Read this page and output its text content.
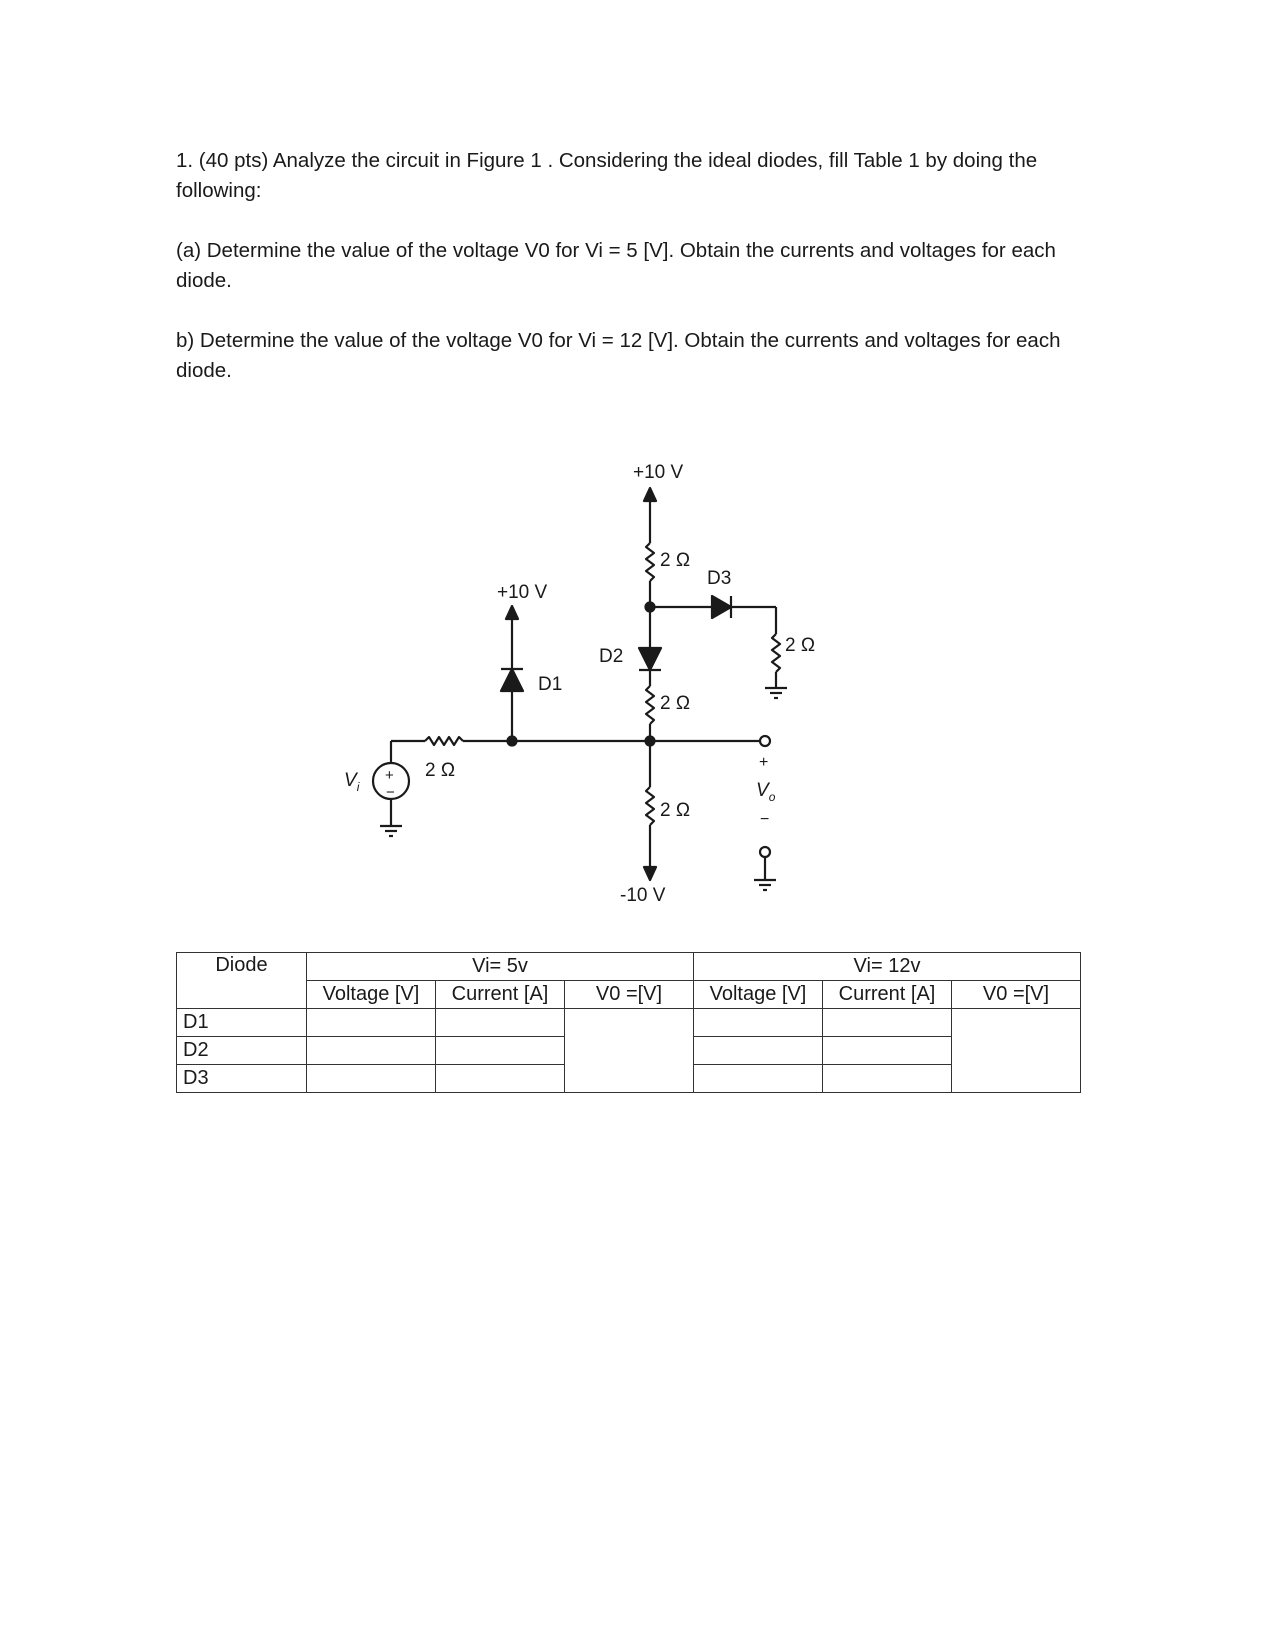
1. (40 pts) Analyze the circuit in Figure 1 . Considering the ideal diodes, fill Table 1 by doing the following:

(a) Determine the value of the voltage V0 for Vi = 5 [V]. Obtain the currents and voltages for each diode.

b) Determine the value of the voltage V0 for Vi = 12 [V]. Obtain the currents and voltages for each diode.

+10 V
2 Ω
D3
+10 V
2 Ω
D2
D1
2 Ω
2 Ω
2 Ω
-10 V
+
−
+
−
$V_i$	$V_o$
Diode	Vi= 5v			Vi= 12v		
	Voltage [V]	Current [A]	V0 =[V]	Voltage [V]	Current [A]	V0 =[V]
D1						
D2						
D3						
